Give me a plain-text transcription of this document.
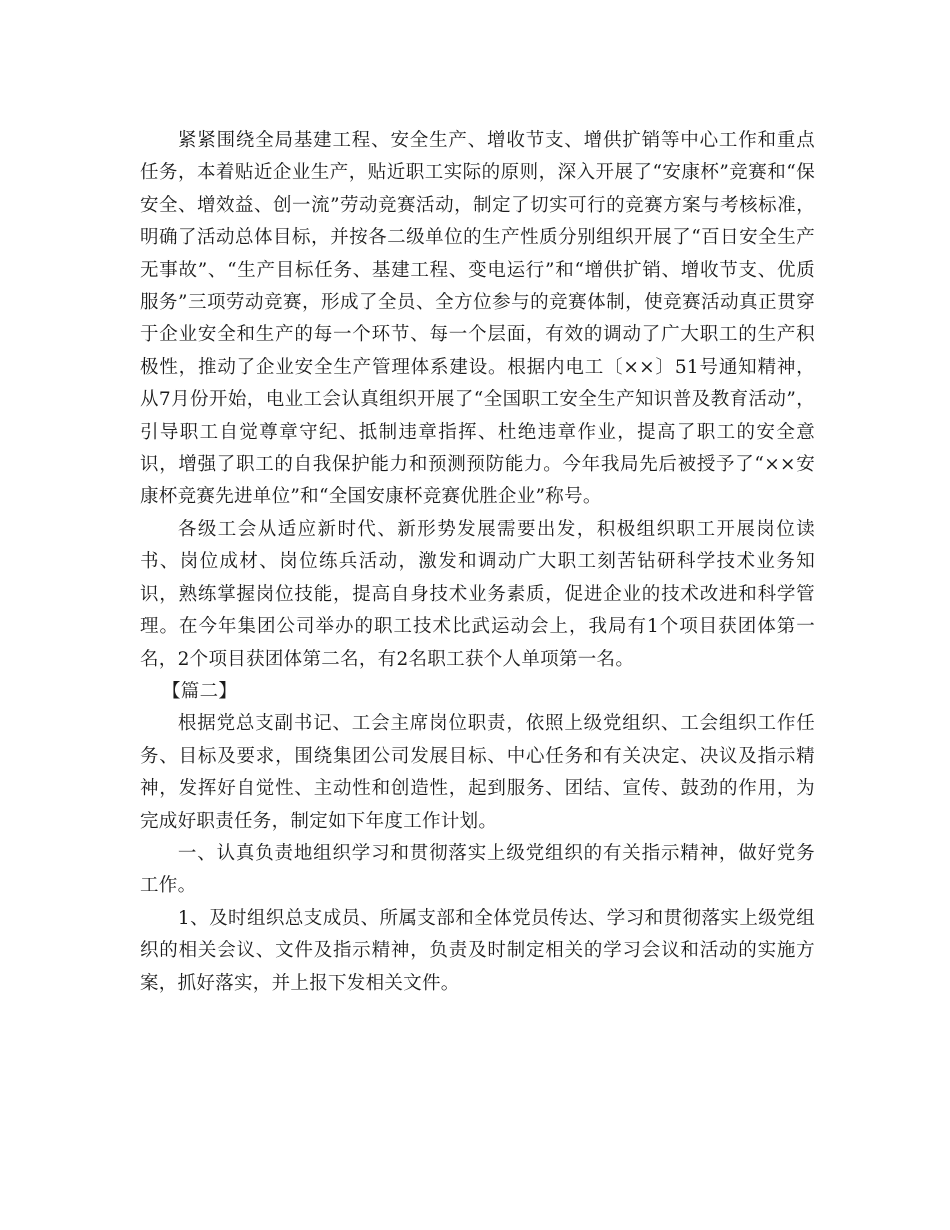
紧紧围绕全局基建工程、安全生产、增收节支、增供扩销等中心工作和重点任务，本着贴近企业生产，贴近职工实际的原则，深入开展了“安康杯”竞赛和“保安全、增效益、创一流”劳动竞赛活动，制定了切实可行的竞赛方案与考核标准，明确了活动总体目标，并按各二级单位的生产性质分别组织开展了“百日安全生产无事故”、“生产目标任务、基建工程、变电运行”和“增供扩销、增收节支、优质服务”三项劳动竞赛，形成了全员、全方位参与的竞赛体制，使竞赛活动真正贯穿于企业安全和生产的每一个环节、每一个层面，有效的调动了广大职工的生产积极性，推动了企业安全生产管理体系建设。根据内电工〔××〕51号通知精神，从7月份开始，电业工会认真组织开展了“全国职工安全生产知识普及教育活动”，引导职工自觉尊章守纪、抵制违章指挥、杜绝违章作业，提高了职工的安全意识，增强了职工的自我保护能力和预测预防能力。今年我局先后被授予了“××安康杯竞赛先进单位”和“全国安康杯竞赛优胜企业”称号。

各级工会从适应新时代、新形势发展需要出发，积极组织职工开展岗位读书、岗位成材、岗位练兵活动，激发和调动广大职工刻苦钻研科学技术业务知识，熟练掌握岗位技能，提高自身技术业务素质，促进企业的技术改进和科学管理。在今年集团公司举办的职工技术比武运动会上，我局有1个项目获团体第一名，2个项目获团体第二名，有2名职工获个人单项第一名。

【篇二】

根据党总支副书记、工会主席岗位职责，依照上级党组织、工会组织工作任务、目标及要求，围绕集团公司发展目标、中心任务和有关决定、决议及指示精神，发挥好自觉性、主动性和创造性，起到服务、团结、宣传、鼓劲的作用，为完成好职责任务，制定如下年度工作计划。

一、认真负责地组织学习和贯彻落实上级党组织的有关指示精神，做好党务工作。

1、及时组织总支成员、所属支部和全体党员传达、学习和贯彻落实上级党组织的相关会议、文件及指示精神，负责及时制定相关的学习会议和活动的实施方案，抓好落实，并上报下发相关文件。
